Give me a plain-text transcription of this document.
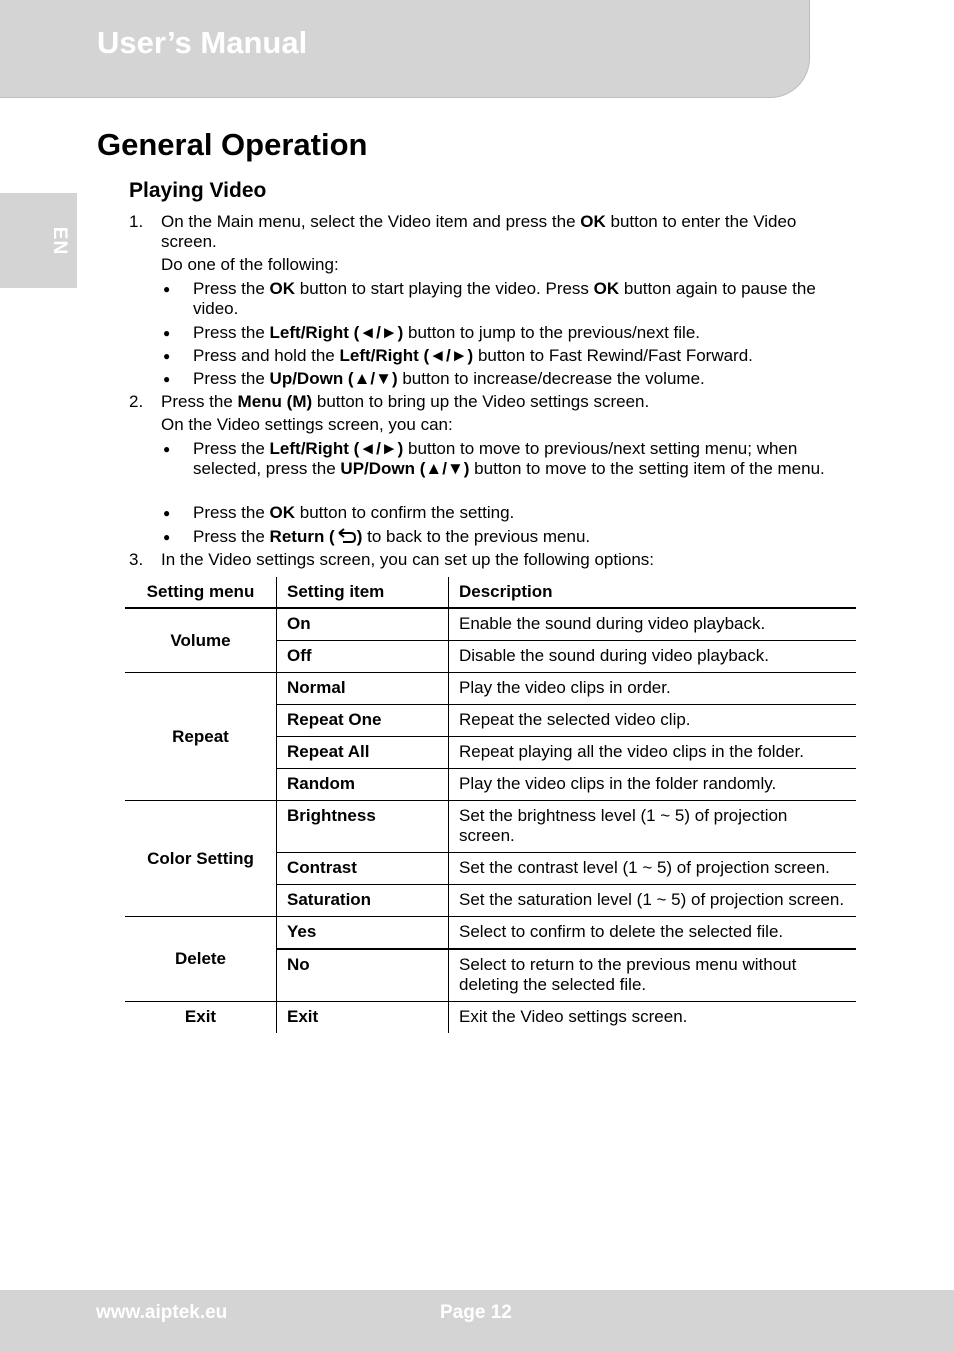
User’s Manual
EN
General Operation
Playing Video
1. On the Main menu, select the Video item and press the OK button to enter the Video screen.
Do one of the following:
● Press the OK button to start playing the video. Press OK button again to pause the video.
● Press the Left/Right (◄/►) button to jump to the previous/next file.
● Press and hold the Left/Right (◄/►) button to Fast Rewind/Fast Forward.
● Press the Up/Down (▲/▼) button to increase/decrease the volume.
2. Press the Menu (M) button to bring up the Video settings screen.
On the Video settings screen, you can:
● Press the Left/Right (◄/►) button to move to previous/next setting menu; when selected, press the UP/Down (▲/▼) button to move to the setting item of the menu.
● Press the OK button to confirm the setting.
● Press the Return ( ) to back to the previous menu.
3. In the Video settings screen, you can set up the following options:
Setting menu	Setting item	Description
Volume	On	Enable the sound during video playback.
	Off	Disable the sound during video playback.
Repeat	Normal	Play the video clips in order.
	Repeat One	Repeat the selected video clip.
	Repeat All	Repeat playing all the video clips in the folder.
	Random	Play the video clips in the folder randomly.
Color Setting	Brightness	Set the brightness level (1 ~ 5) of projection screen.
	Contrast	Set the contrast level (1 ~ 5) of projection screen.
	Saturation	Set the saturation level (1 ~ 5) of projection screen.
Delete	Yes	Select to confirm to delete the selected file.
	No	Select to return to the previous menu without deleting the selected file.
Exit	Exit	Exit the Video settings screen.
www.aiptek.eu	Page 12
